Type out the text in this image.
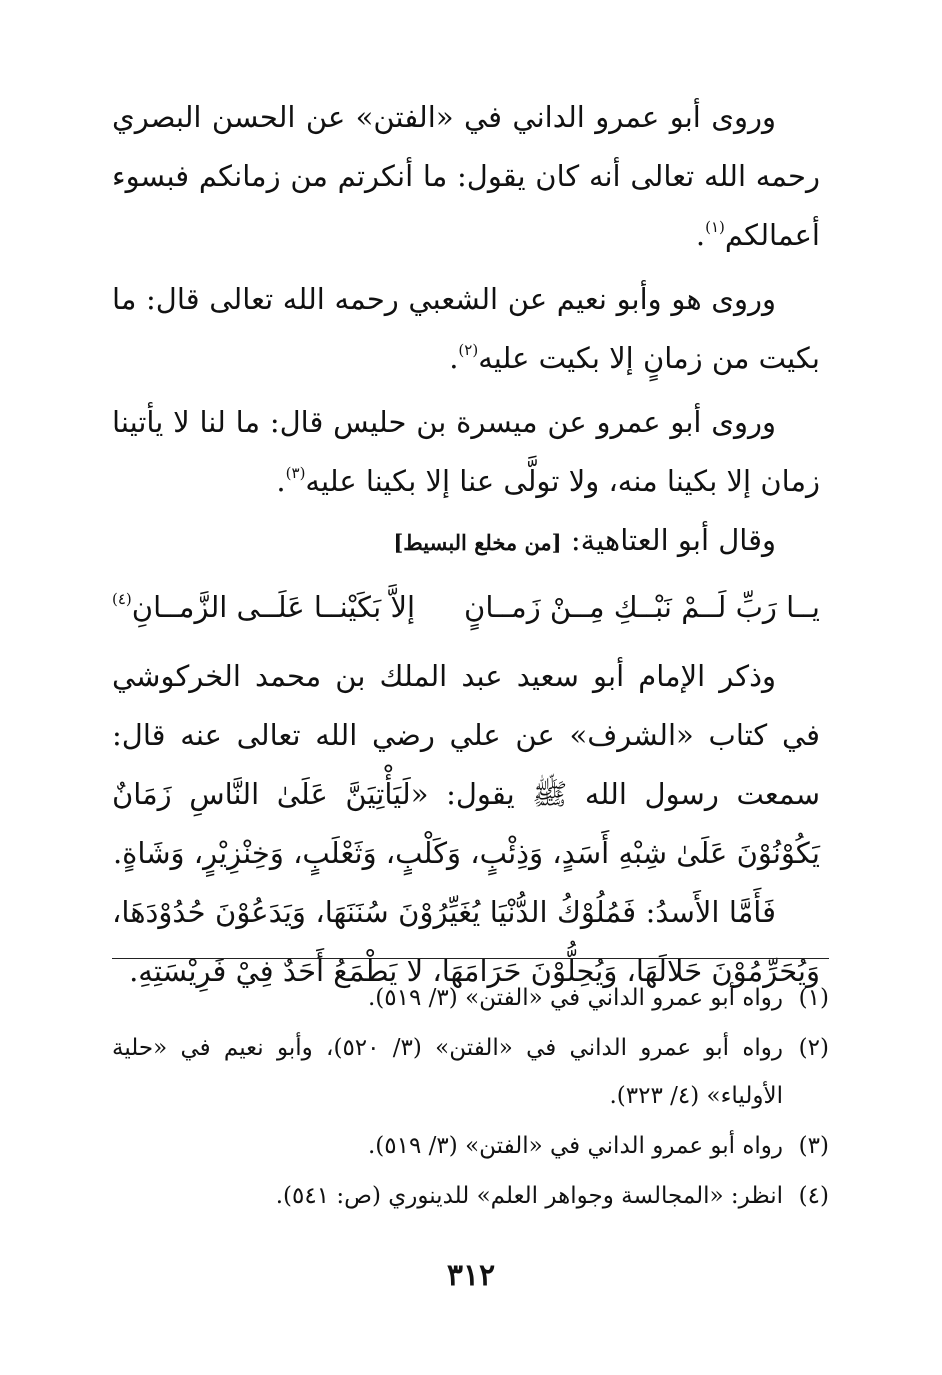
وروى أبو عمرو الداني في «الفتن» عن الحسن البصري رحمه الله تعالى أنه كان يقول: ما أنكرتم من زمانكم فبسوء أعمالكم$^{(١)}$.

وروى هو وأبو نعيم عن الشعبي رحمه الله تعالى قال: ما بكيت من زمانٍ إلا بكيت عليه$^{(٢)}$.

وروى أبو عمرو عن ميسرة بن حليس قال: ما لنا لا يأتينا زمان إلا بكينا منه، ولا تولَّى عنا إلا بكينا عليه$^{(٣)}$.

وقال أبو العتاهية: [من مخلع البسيط]

يــا رَبِّ لَــمْ نَبْــكِ مِــنْ زَمــانٍ
إلاَّ بَكَيْنــا عَلَــى الزَّمــانِ$^{(٤)}$

وذكر الإمام أبو سعيد عبد الملك بن محمد الخركوشي في كتاب «الشرف» عن علي رضي الله تعالى عنه قال: سمعت رسول الله ﷺ يقول: «لَيَأْتِيَنَّ عَلَىٰ النَّاسِ زَمَانٌ يَكُوْنُوْنَ عَلَىٰ شِبْهِ أَسَدٍ، وَذِئْبٍ، وَكَلْبٍ، وَثَعْلَبٍ، وَخِنْزِيْرٍ، وَشَاةٍ.

فَأَمَّا الأَسدُ: فَمُلُوْكُ الدُّنْيَا يُغَيِّرُوْنَ سُنَنَهَا، وَيَدَعُوْنَ حُدُوْدَهَا، وَيُحَرِّمُوْنَ حَلالَهَا، وَيُحِلُّوْنَ حَرَامَهَا، لا يَطْمَعُ أَحَدٌ فِيْ فَرِيْسَتِهِ.

(١)
رواه أبو عمرو الداني في «الفتن» (٣/ ٥١٩).
(٢)
رواه أبو عمرو الداني في «الفتن» (٣/ ٥٢٠)، وأبو نعيم في «حلية الأولياء» (٤/ ٣٢٣).
(٣)
رواه أبو عمرو الداني في «الفتن» (٣/ ٥١٩).
(٤)
انظر: «المجالسة وجواهر العلم» للدينوري (ص: ٥٤١).
٣١٢
